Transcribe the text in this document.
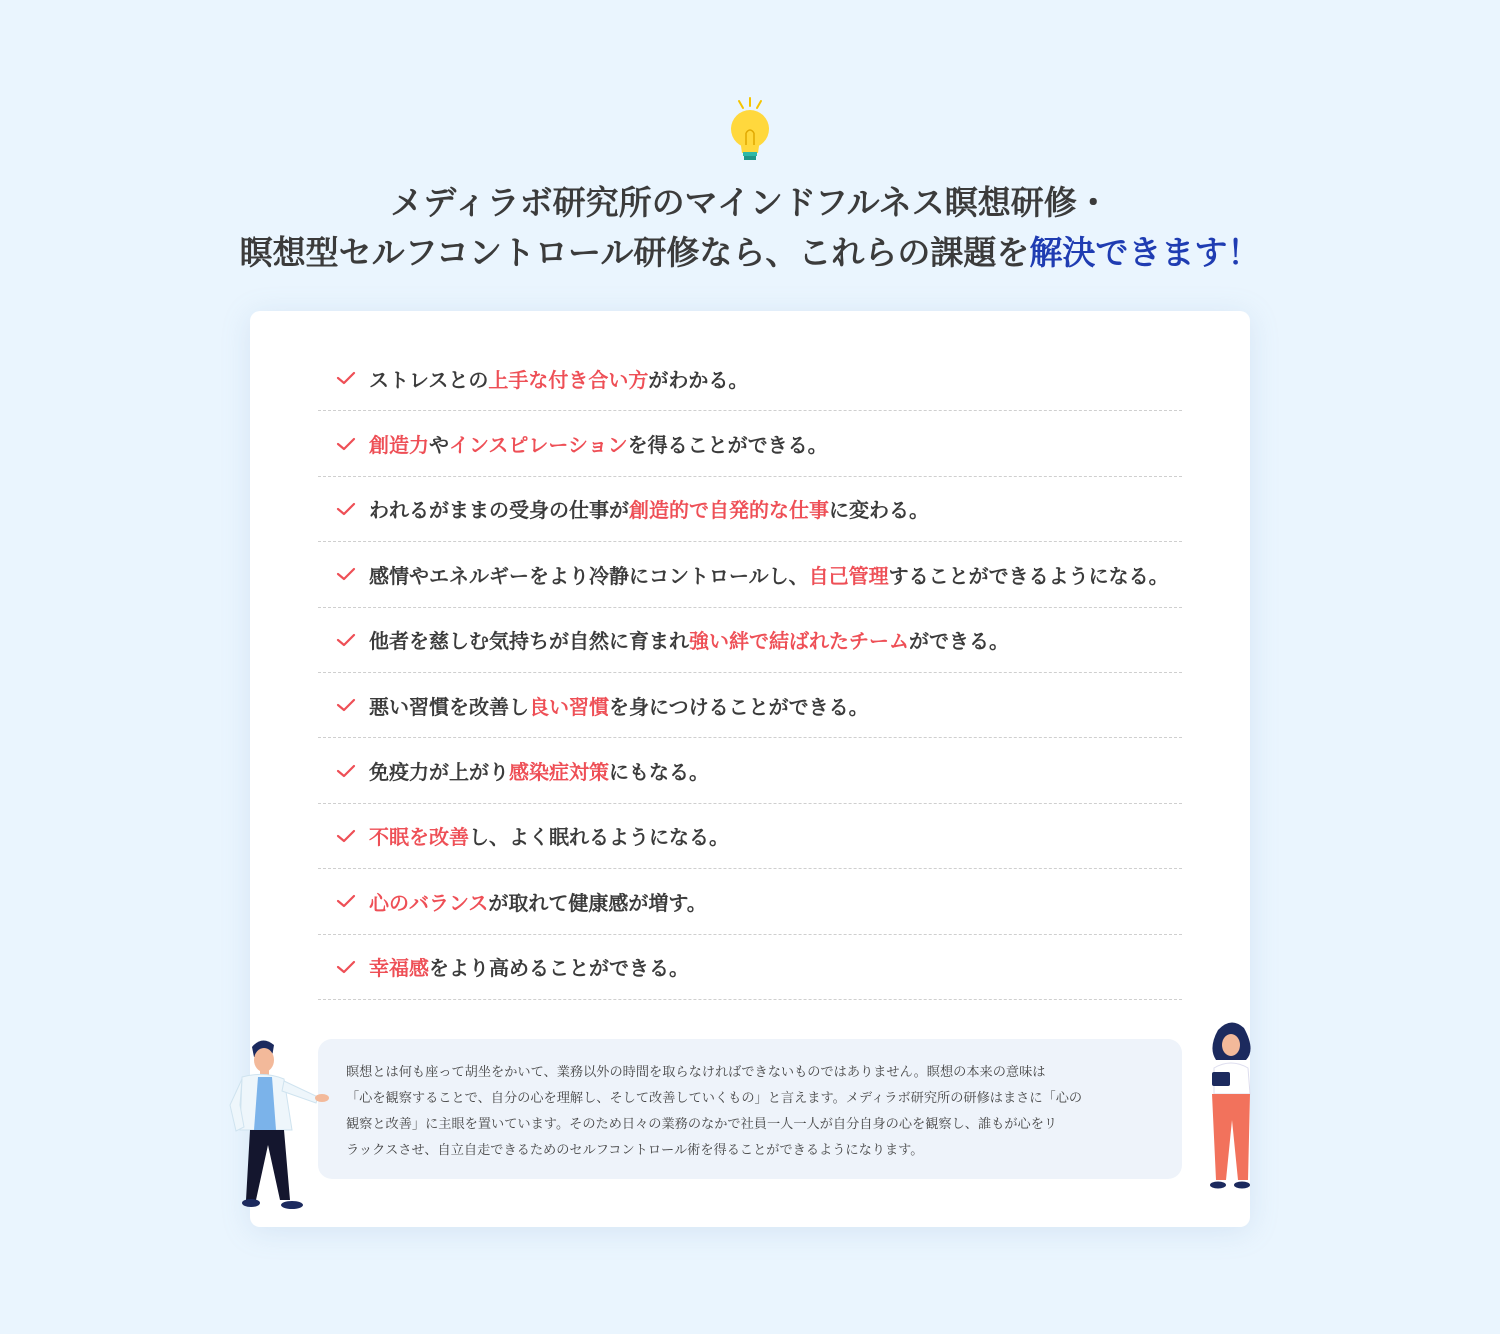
メディラボ研究所のマインドフルネス瞑想研修・
瞑想型セルフコントロール研修なら、これらの課題を解決できます！
ストレスとの上手な付き合い方がわかる。
創造力やインスピレーションを得ることができる。
われるがままの受身の仕事が創造的で自発的な仕事に変わる。
感情やエネルギーをより冷静にコントロールし、自己管理することができるようになる。
他者を慈しむ気持ちが自然に育まれ強い絆で結ばれたチームができる。
悪い習慣を改善し良い習慣を身につけることができる。
免疫力が上がり感染症対策にもなる。
不眠を改善し、よく眠れるようになる。
心のバランスが取れて健康感が増す。
幸福感をより高めることができる。
瞑想とは何も座って胡坐をかいて、業務以外の時間を取らなければできないものではありません。瞑想の本来の意味は
「心を観察することで、自分の心を理解し、そして改善していくもの」と言えます。メディラボ研究所の研修はまさに「心の
観察と改善」に主眼を置いています。そのため日々の業務のなかで社員一人一人が自分自身の心を観察し、誰もが心をリ
ラックスさせ、自立自走できるためのセルフコントロール術を得ることができるようになります。
